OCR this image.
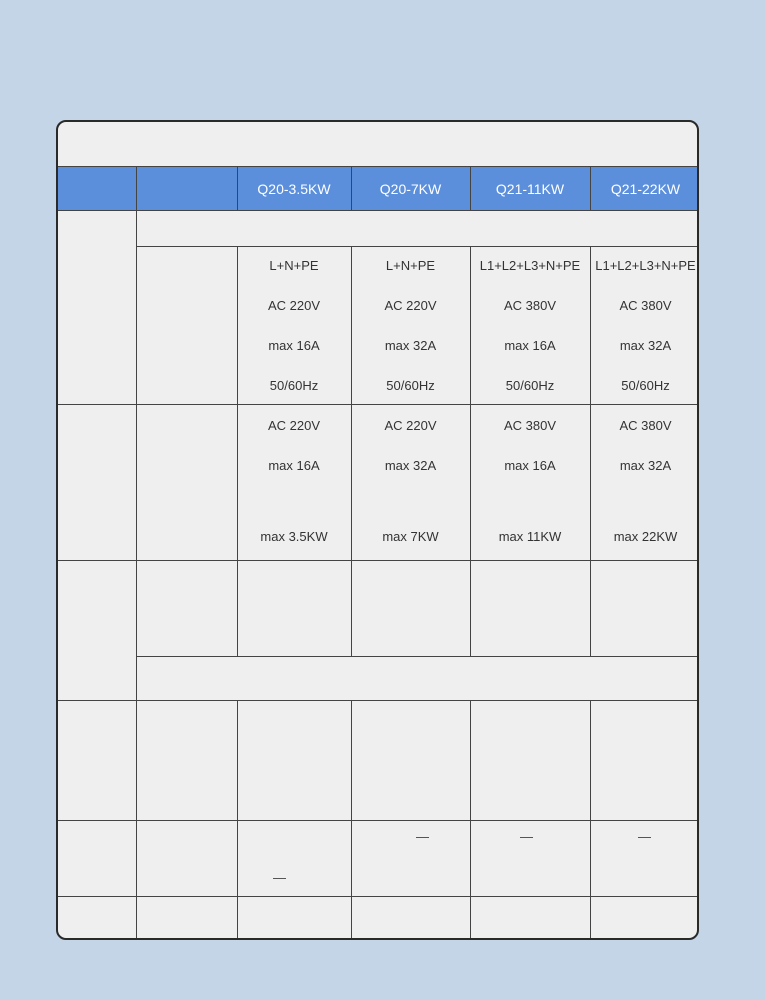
Q20-3.5KW	Q20-7KW	Q21-11KW	Q21-22KW
L+N+PE	L+N+PE	L1+L2+L3+N+PE	L1+L2+L3+N+PE
AC 220V	AC 220V	AC 380V	AC 380V
max 16A	max 32A	max 16A	max 32A
50/60Hz	50/60Hz	50/60Hz	50/60Hz
AC 220V	AC 220V	AC 380V	AC 380V
max 16A	max 32A	max 16A	max 32A
max 3.5KW	max 7KW	max 11KW	max 22KW
